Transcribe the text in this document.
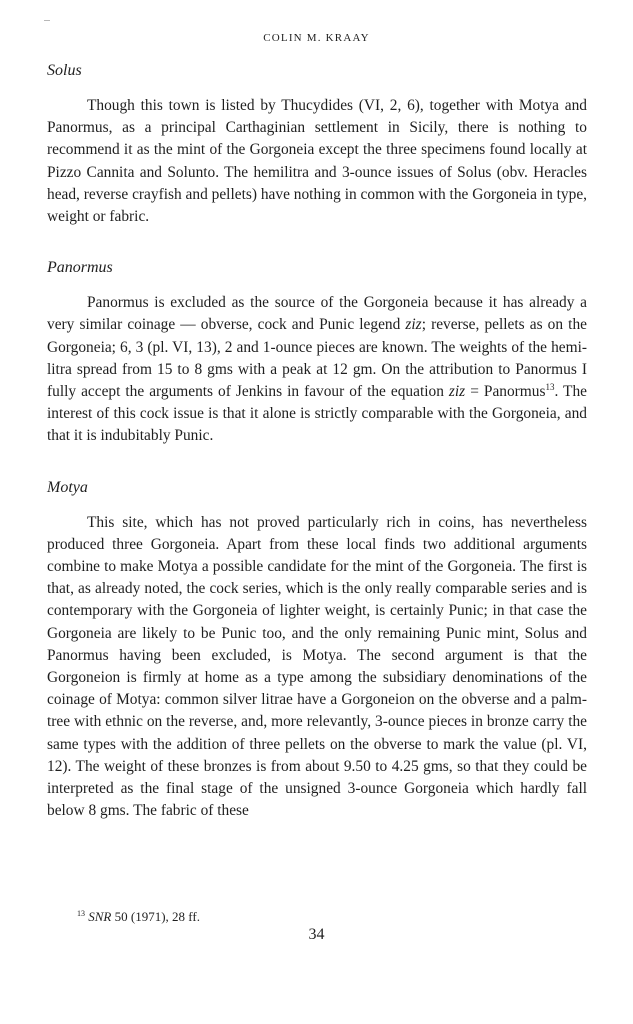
COLIN M. KRAAY
Solus

Though this town is listed by Thucydides (VI, 2, 6), together with Motya and Panormus, as a principal Carthaginian settlement in Sicily, there is nothing to recommend it as the mint of the Gorgoneia except the three specimens found locally at Pizzo Cannita and Solunto. The hemilitra and 3-ounce issues of Solus (obv. Heracles head, reverse crayfish and pellets) have nothing in common with the Gorgoneia in type, weight or fabric.

Panormus

Panormus is excluded as the source of the Gorgoneia because it has already a very similar coinage — obverse, cock and Punic legend ziz; reverse, pellets as on the Gorgoneia; 6, 3 (pl. VI, 13), 2 and 1-ounce pieces are known. The weights of the hemi-litra spread from 15 to 8 gms with a peak at 12 gm. On the attribution to Panormus I fully accept the arguments of Jenkins in favour of the equation ziz = Panormus$^{13}$. The interest of this cock issue is that it alone is strictly comparable with the Gorgoneia, and that it is indubitably Punic.

Motya

This site, which has not proved particularly rich in coins, has nevertheless produced three Gorgoneia. Apart from these local finds two additional arguments combine to make Motya a possible candidate for the mint of the Gorgoneia. The first is that, as already noted, the cock series, which is the only really comparable series and is contemporary with the Gorgoneia of lighter weight, is certainly Punic; in that case the Gorgoneia are likely to be Punic too, and the only remaining Punic mint, Solus and Panormus having been excluded, is Motya. The second argument is that the Gorgoneion is firmly at home as a type among the subsidiary denominations of the coinage of Motya: common silver litrae have a Gorgoneion on the obverse and a palm-tree with ethnic on the reverse, and, more relevantly, 3-ounce pieces in bronze carry the same types with the addition of three pellets on the obverse to mark the value (pl. VI, 12). The weight of these bronzes is from about 9.50 to 4.25 gms, so that they could be interpreted as the final stage of the unsigned 3-ounce Gorgoneia which hardly fall below 8 gms. The fabric of these

$^{13}$ SNR 50 (1971), 28 ff.
34
